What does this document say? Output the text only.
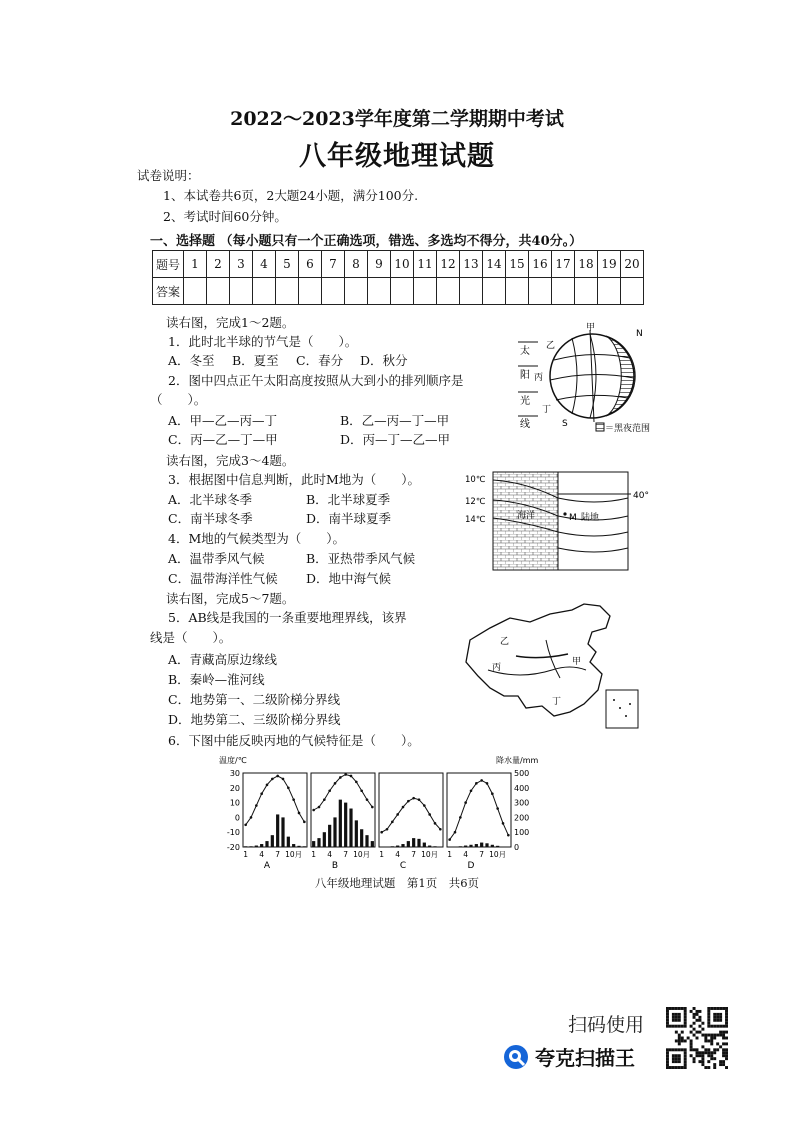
2022～2023学年度第二学期期中考试
八年级地理试题
试卷说明：
1、本试卷共6页，2大题24小题，满分100分.
2、考试时间60分钟。
一、选择题 （每小题只有一个正确选项，错选、多选均不得分，共40分。）
题号	1	2	3	4	5	6	7	8	9	10	11	12	13	14	15	16	17	18	19	20
答案																				
读右图，完成1～2题。
1．此时北半球的节气是（　　）。
A．冬至 B．夏至 C．春分 D．秋分
2．图中四点正午太阳高度按照从大到小的排列顺序是
（　　）。
A．甲—乙—丙—丁	B．乙—丙—丁—甲
C．丙—乙—丁—甲	D．丙—丁—乙—甲
太
阳
光
线
甲
乙
丙
丁
N
S	＝黑夜范围
读右图，完成3～4题。
3．根据图中信息判断，此时M地为（　　）。
A．北半球冬季	B．北半球夏季
C．南半球冬季	D．南半球夏季
4．M地的气候类型为（　　）。
A．温带季风气候	B．亚热带季风气候
C．温带海洋性气候 D．地中海气候
10℃
12℃
14℃
40°
海洋	M 陆地
读右图，完成5～7题。
5．AB线是我国的一条重要地理界线，该界
线是（　　）。
A．青藏高原边缘线
B．秦岭—淮河线
C．地势第一、二级阶梯分界线
D．地势第二、三级阶梯分界线
6．下图中能反映丙地的气候特征是（　　）。
甲
乙
丙
丁
温度/℃	降水量/mm
30
20
10
0
-10
-20
500
400
300
200
100
0
1 4 7 10月
A
1 4 7 10月
B
1 4 7 10月
C
1 4 7 10月
D
八年级地理试题　第1页　共6页
扫码使用
夸克扫描王
